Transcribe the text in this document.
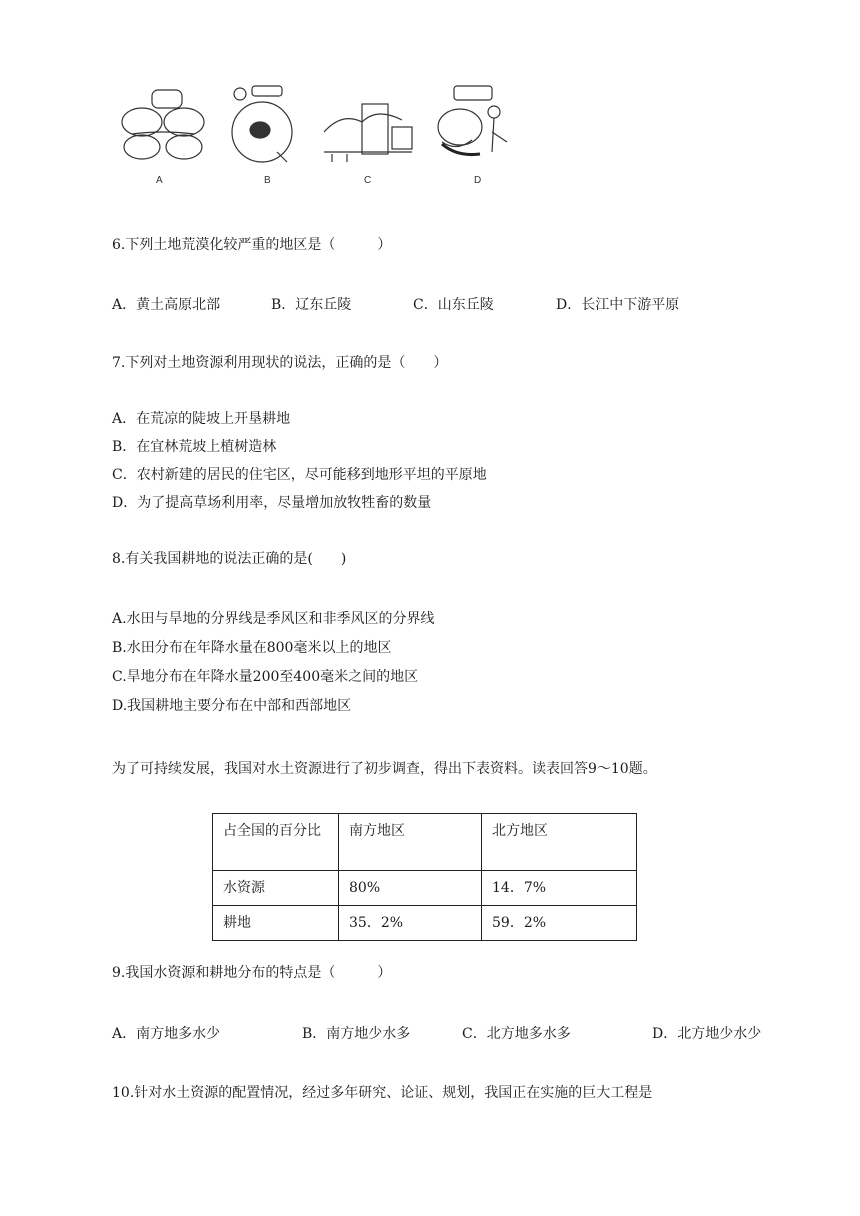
A	B	C	D
6.下列土地荒漠化较严重的地区是（　　　）
A．黄土高原北部	B．辽东丘陵	C．山东丘陵	D．长江中下游平原
7.下列对土地资源利用现状的说法，正确的是（　　）
A．在荒凉的陡坡上开垦耕地
B．在宜林荒坡上植树造林
C．农村新建的居民的住宅区，尽可能移到地形平坦的平原地
D．为了提高草场利用率，尽量增加放牧牲畜的数量
8.有关我国耕地的说法正确的是(　　)
A.水田与旱地的分界线是季风区和非季风区的分界线
B.水田分布在年降水量在800毫米以上的地区
C.旱地分布在年降水量200至400毫米之间的地区
D.我国耕地主要分布在中部和西部地区
为了可持续发展，我国对水土资源进行了初步调查，得出下表资料。读表回答9～10题。
占全国的百分比	南方地区	北方地区
水资源	80%	14．7%
耕地	35．2%	59．2%
9.我国水资源和耕地分布的特点是（　　　）
A．南方地多水少	B．南方地少水多	C．北方地多水多	D．北方地少水少
10.针对水土资源的配置情况，经过多年研究、论证、规划，我国正在实施的巨大工程是
